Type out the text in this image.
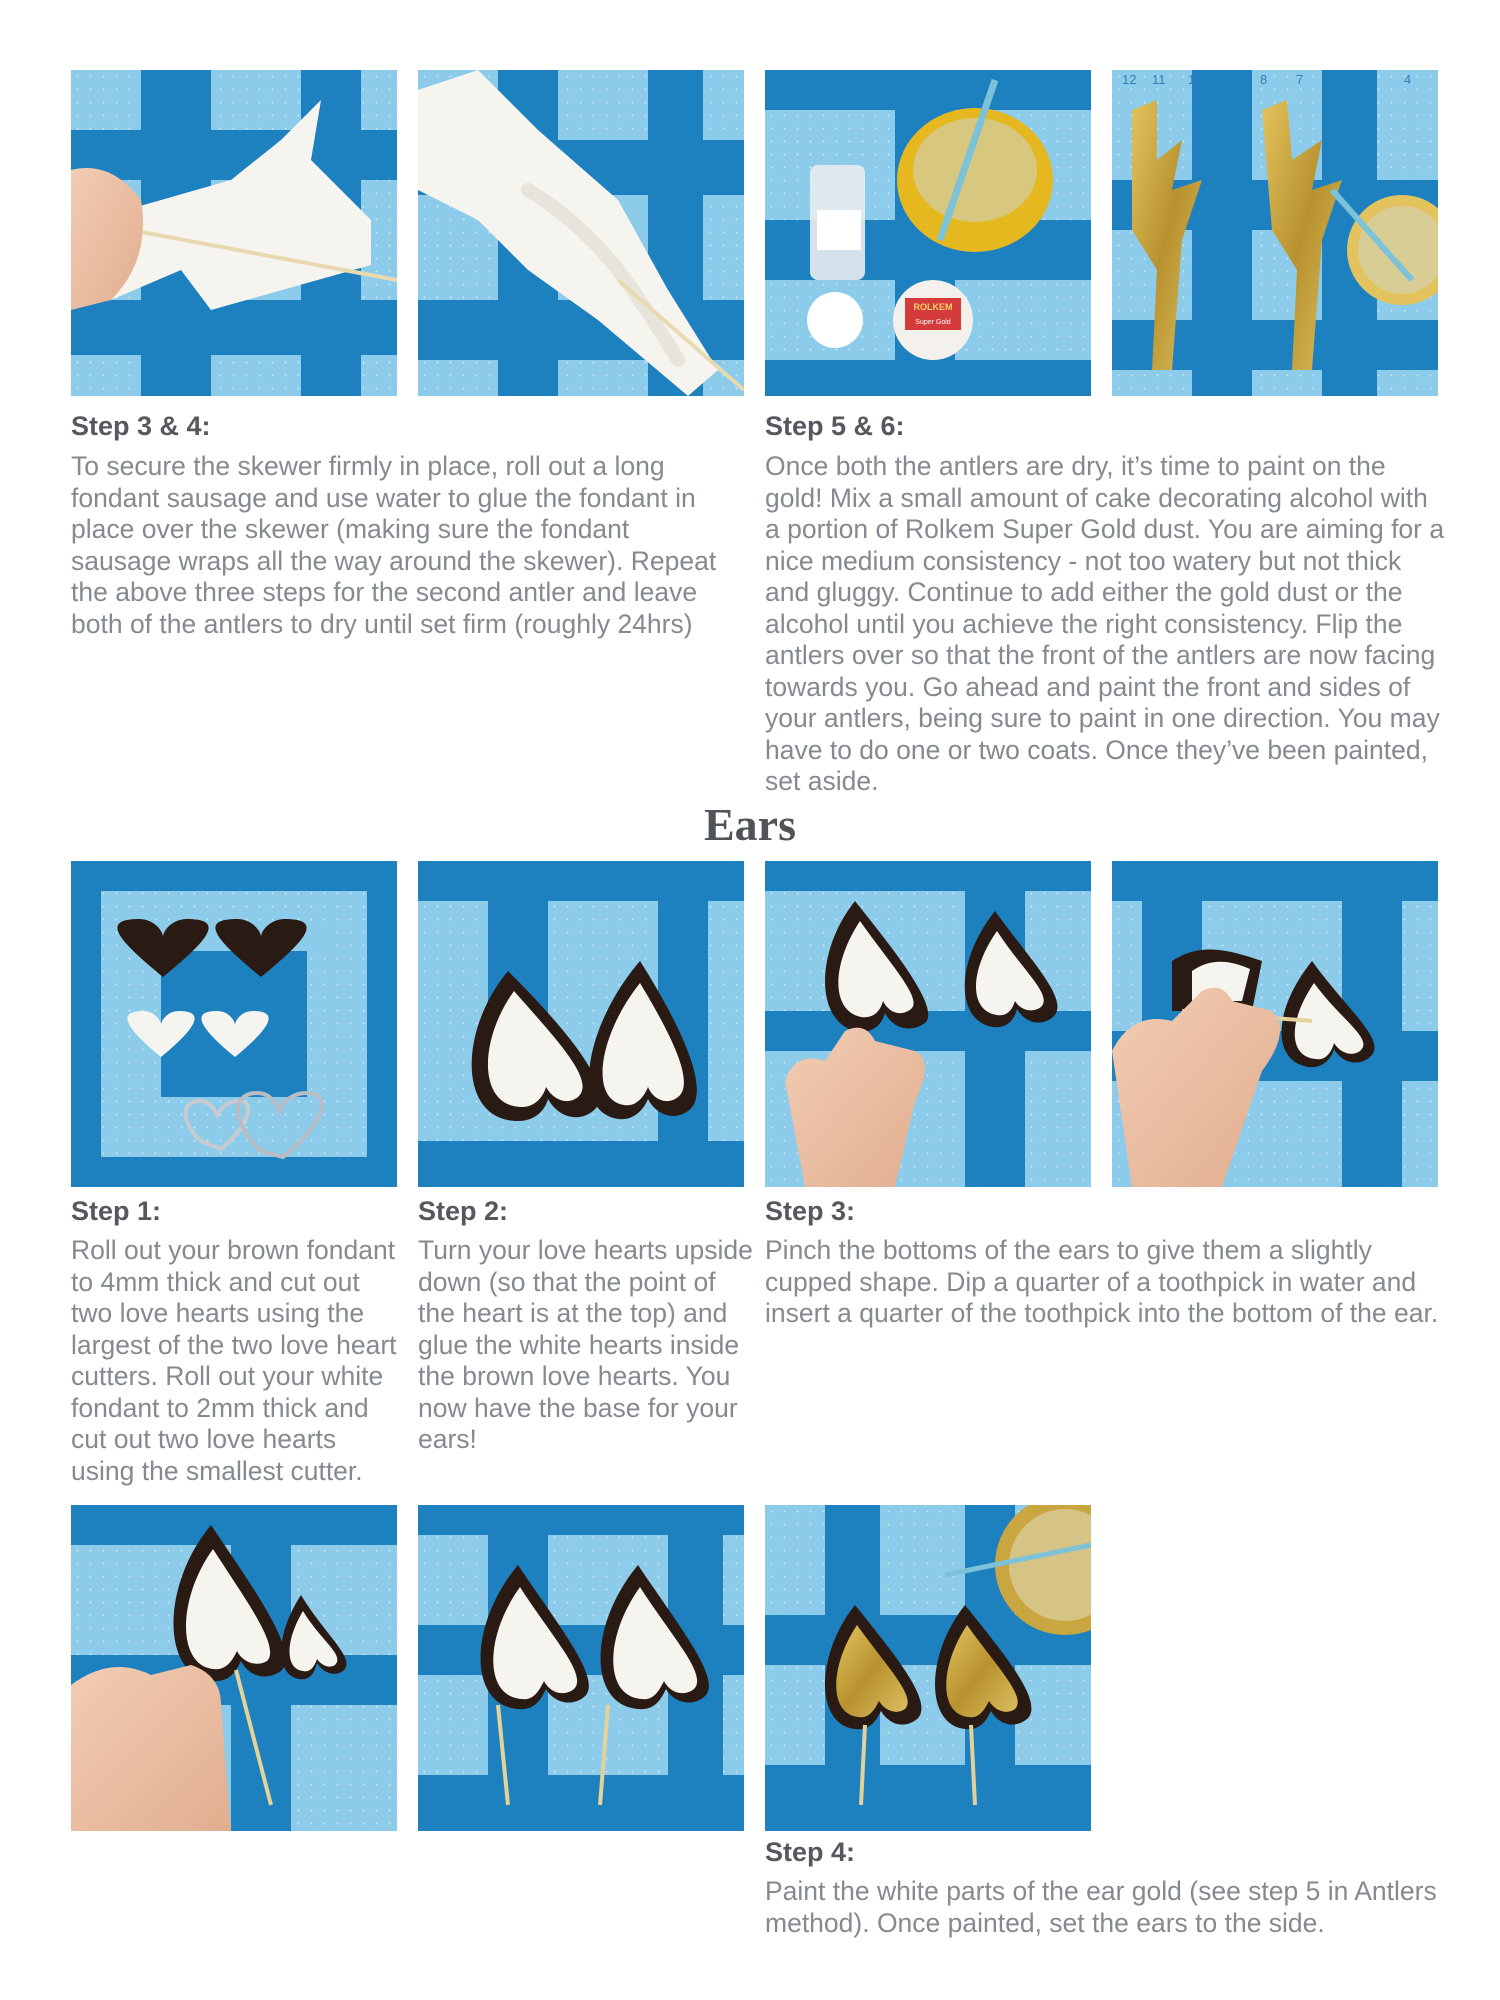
ROLKEM
Super Gold
12 11 10 9 8 7 6 5 4
Step 3 & 4:

To secure the skewer firmly in place, roll out a long fondant sausage and use water to glue the fondant in place over the skewer (making sure the fondant sausage wraps all the way around the skewer). Repeat the above three steps for the second antler and leave both of the antlers to dry until set firm (roughly 24hrs)

Step 5 & 6:

Once both the antlers are dry, it’s time to paint on the gold! Mix a small amount of cake decorating alcohol with a portion of Rolkem Super Gold dust. You are aiming for a nice medium consistency - not too watery but not thick and gluggy. Continue to add either the gold dust or the alcohol until you achieve the right consistency. Flip the antlers over so that the front of the antlers are now facing towards you. Go ahead and paint the front and sides of your antlers, being sure to paint in one direction. You may have to do one or two coats. Once they’ve been painted, set aside.

Ears
Step 1:

Roll out your brown fondant to 4mm thick and cut out two love hearts using the largest of the two love heart cutters. Roll out your white fondant to 2mm thick and cut out two love hearts using the smallest cutter.

Step 2:

Turn your love hearts upside down (so that the point of the heart is at the top) and glue the white hearts inside the brown love hearts. You now have the base for your ears!

Step 3:

Pinch the bottoms of the ears to give them a slightly cupped shape. Dip a quarter of a toothpick in water and insert a quarter of the toothpick into the bottom of the ear.

Step 4:

Paint the white parts of the ear gold (see step 5 in Antlers method). Once painted, set the ears to the side.
